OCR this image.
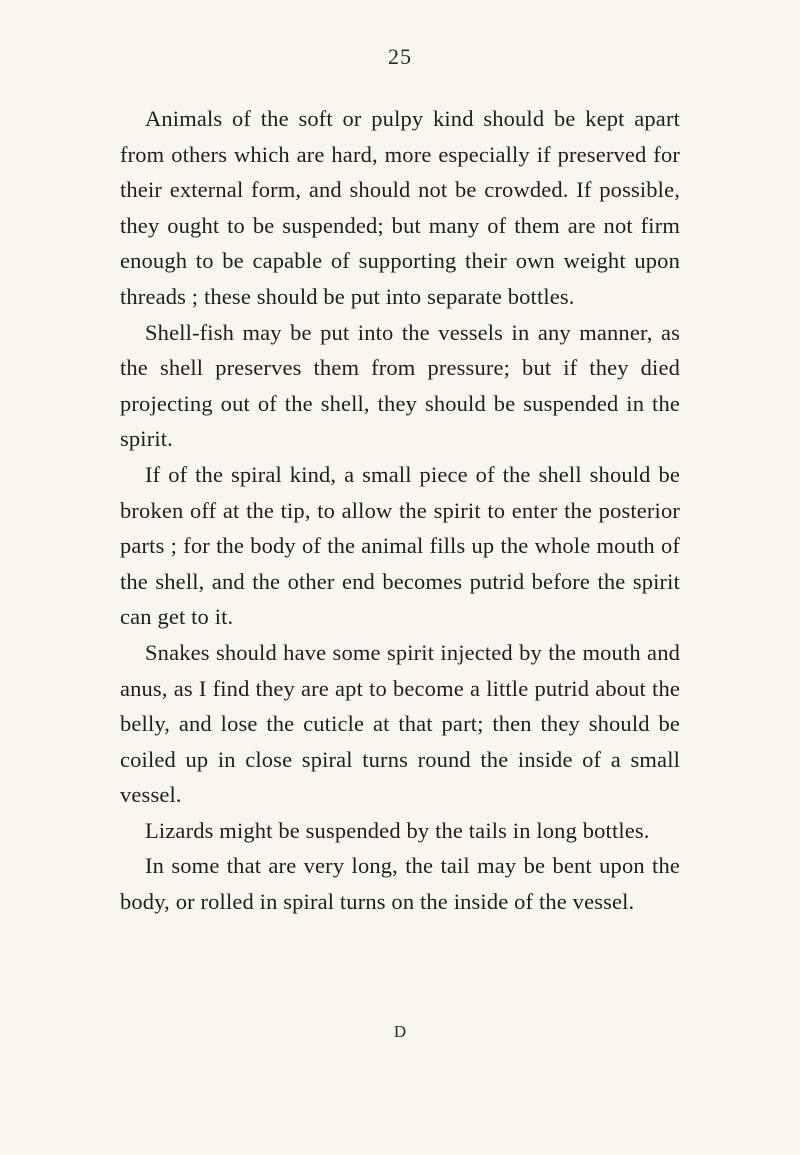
25

Animals of the soft or pulpy kind should be kept apart from others which are hard, more especially if preserved for their external form, and should not be crowded. If possible, they ought to be suspended; but many of them are not firm enough to be capable of supporting their own weight upon threads ; these should be put into separate bottles.

Shell-fish may be put into the vessels in any manner, as the shell preserves them from pressure; but if they died projecting out of the shell, they should be suspended in the spirit.

If of the spiral kind, a small piece of the shell should be broken off at the tip, to allow the spirit to enter the posterior parts ; for the body of the animal fills up the whole mouth of the shell, and the other end becomes putrid before the spirit can get to it.

Snakes should have some spirit injected by the mouth and anus, as I find they are apt to become a little putrid about the belly, and lose the cuticle at that part; then they should be coiled up in close spiral turns round the inside of a small vessel.

Lizards might be suspended by the tails in long bottles.

In some that are very long, the tail may be bent upon the body, or rolled in spiral turns on the inside of the vessel.

D
